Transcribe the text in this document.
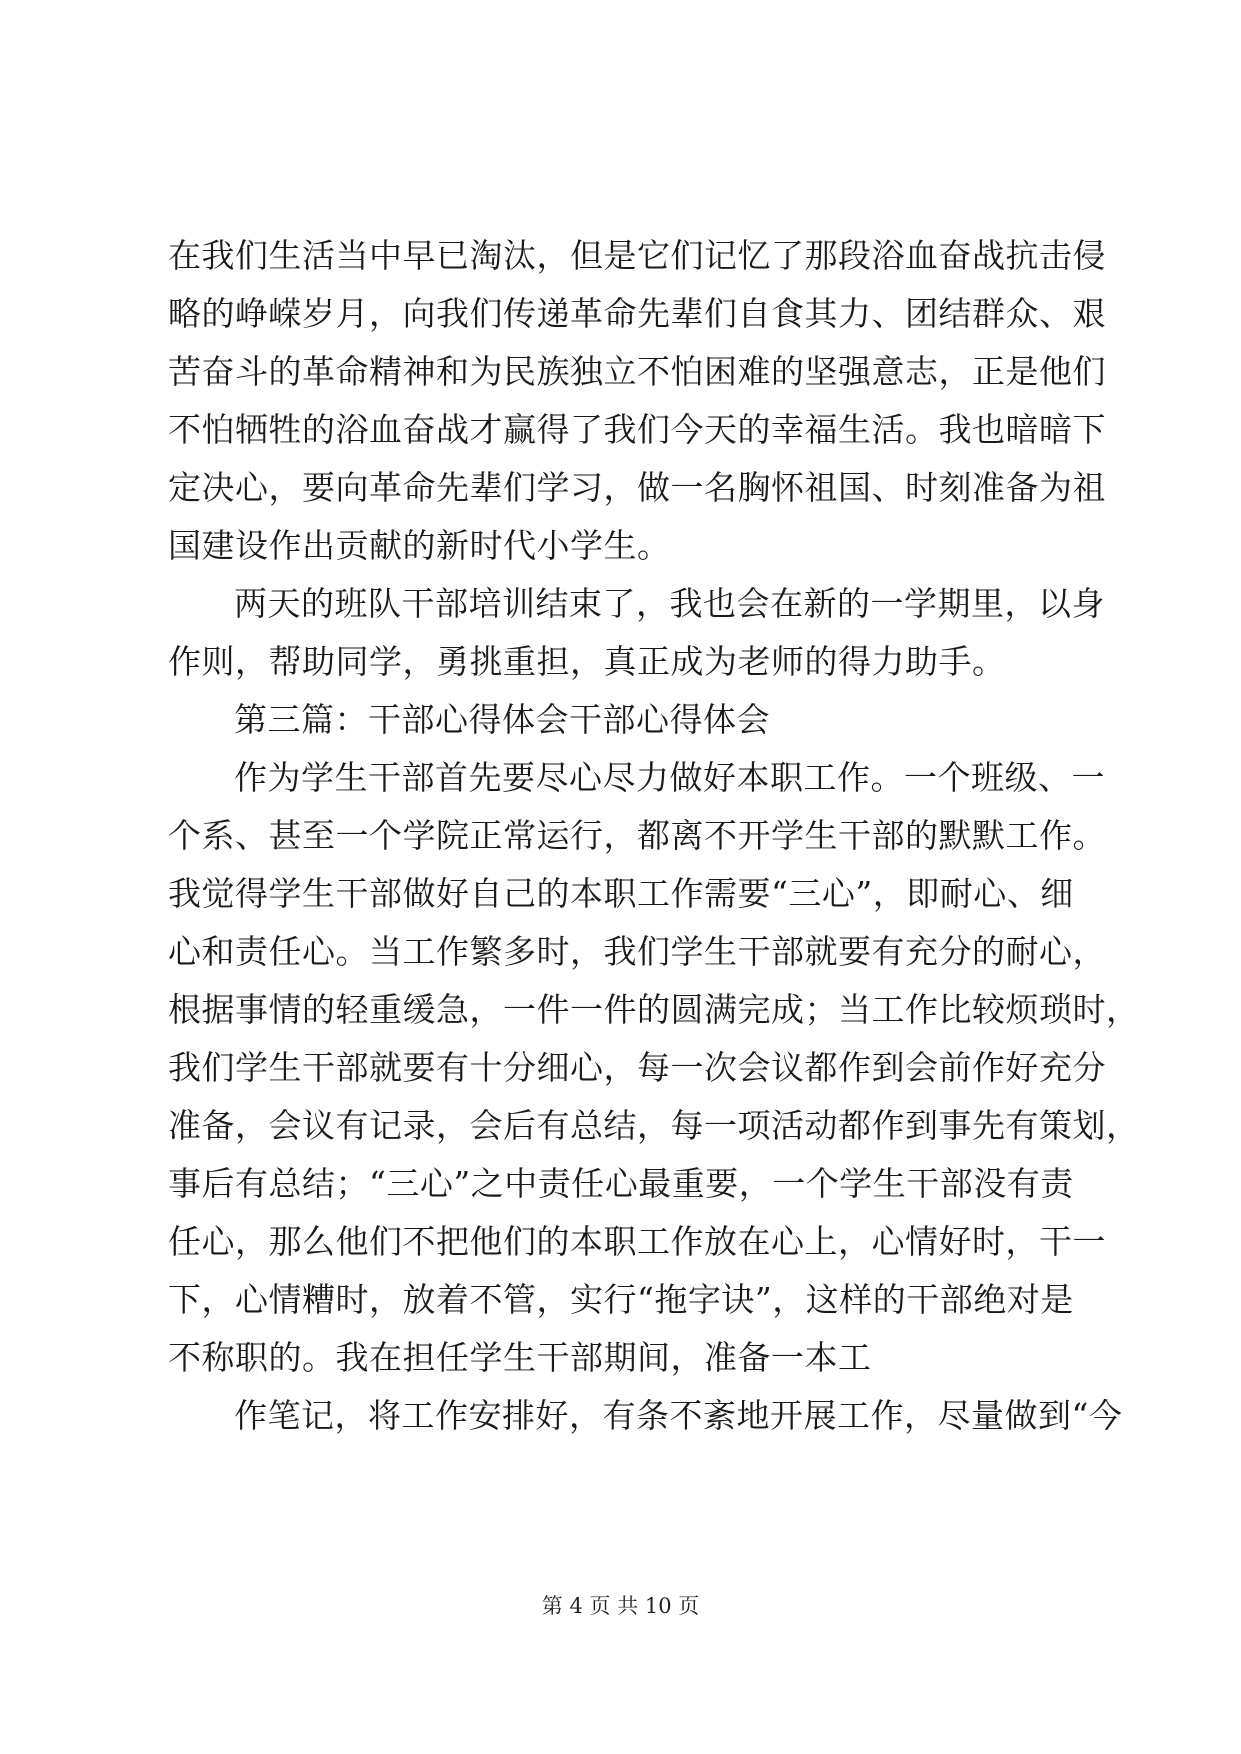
在我们生活当中早已淘汰，但是它们记忆了那段浴血奋战抗击侵
略的峥嵘岁月，向我们传递革命先辈们自食其力、团结群众、艰
苦奋斗的革命精神和为民族独立不怕困难的坚强意志，正是他们
不怕牺牲的浴血奋战才赢得了我们今天的幸福生活。我也暗暗下
定决心，要向革命先辈们学习，做一名胸怀祖国、时刻准备为祖
国建设作出贡献的新时代小学生。
两天的班队干部培训结束了，我也会在新的一学期里，以身
作则，帮助同学，勇挑重担，真正成为老师的得力助手。
第三篇：干部心得体会干部心得体会
作为学生干部首先要尽心尽力做好本职工作。一个班级、一
个系、甚至一个学院正常运行，都离不开学生干部的默默工作。
我觉得学生干部做好自己的本职工作需要“三心”，即耐心、细
心和责任心。当工作繁多时，我们学生干部就要有充分的耐心，
根据事情的轻重缓急，一件一件的圆满完成；当工作比较烦琐时，
我们学生干部就要有十分细心，每一次会议都作到会前作好充分
准备，会议有记录，会后有总结，每一项活动都作到事先有策划，
事后有总结；“三心”之中责任心最重要，一个学生干部没有责
任心，那么他们不把他们的本职工作放在心上，心情好时，干一
下，心情糟时，放着不管，实行“拖字诀”，这样的干部绝对是
不称职的。我在担任学生干部期间，准备一本工
作笔记，将工作安排好，有条不紊地开展工作，尽量做到“今
第 4 页 共 10 页
